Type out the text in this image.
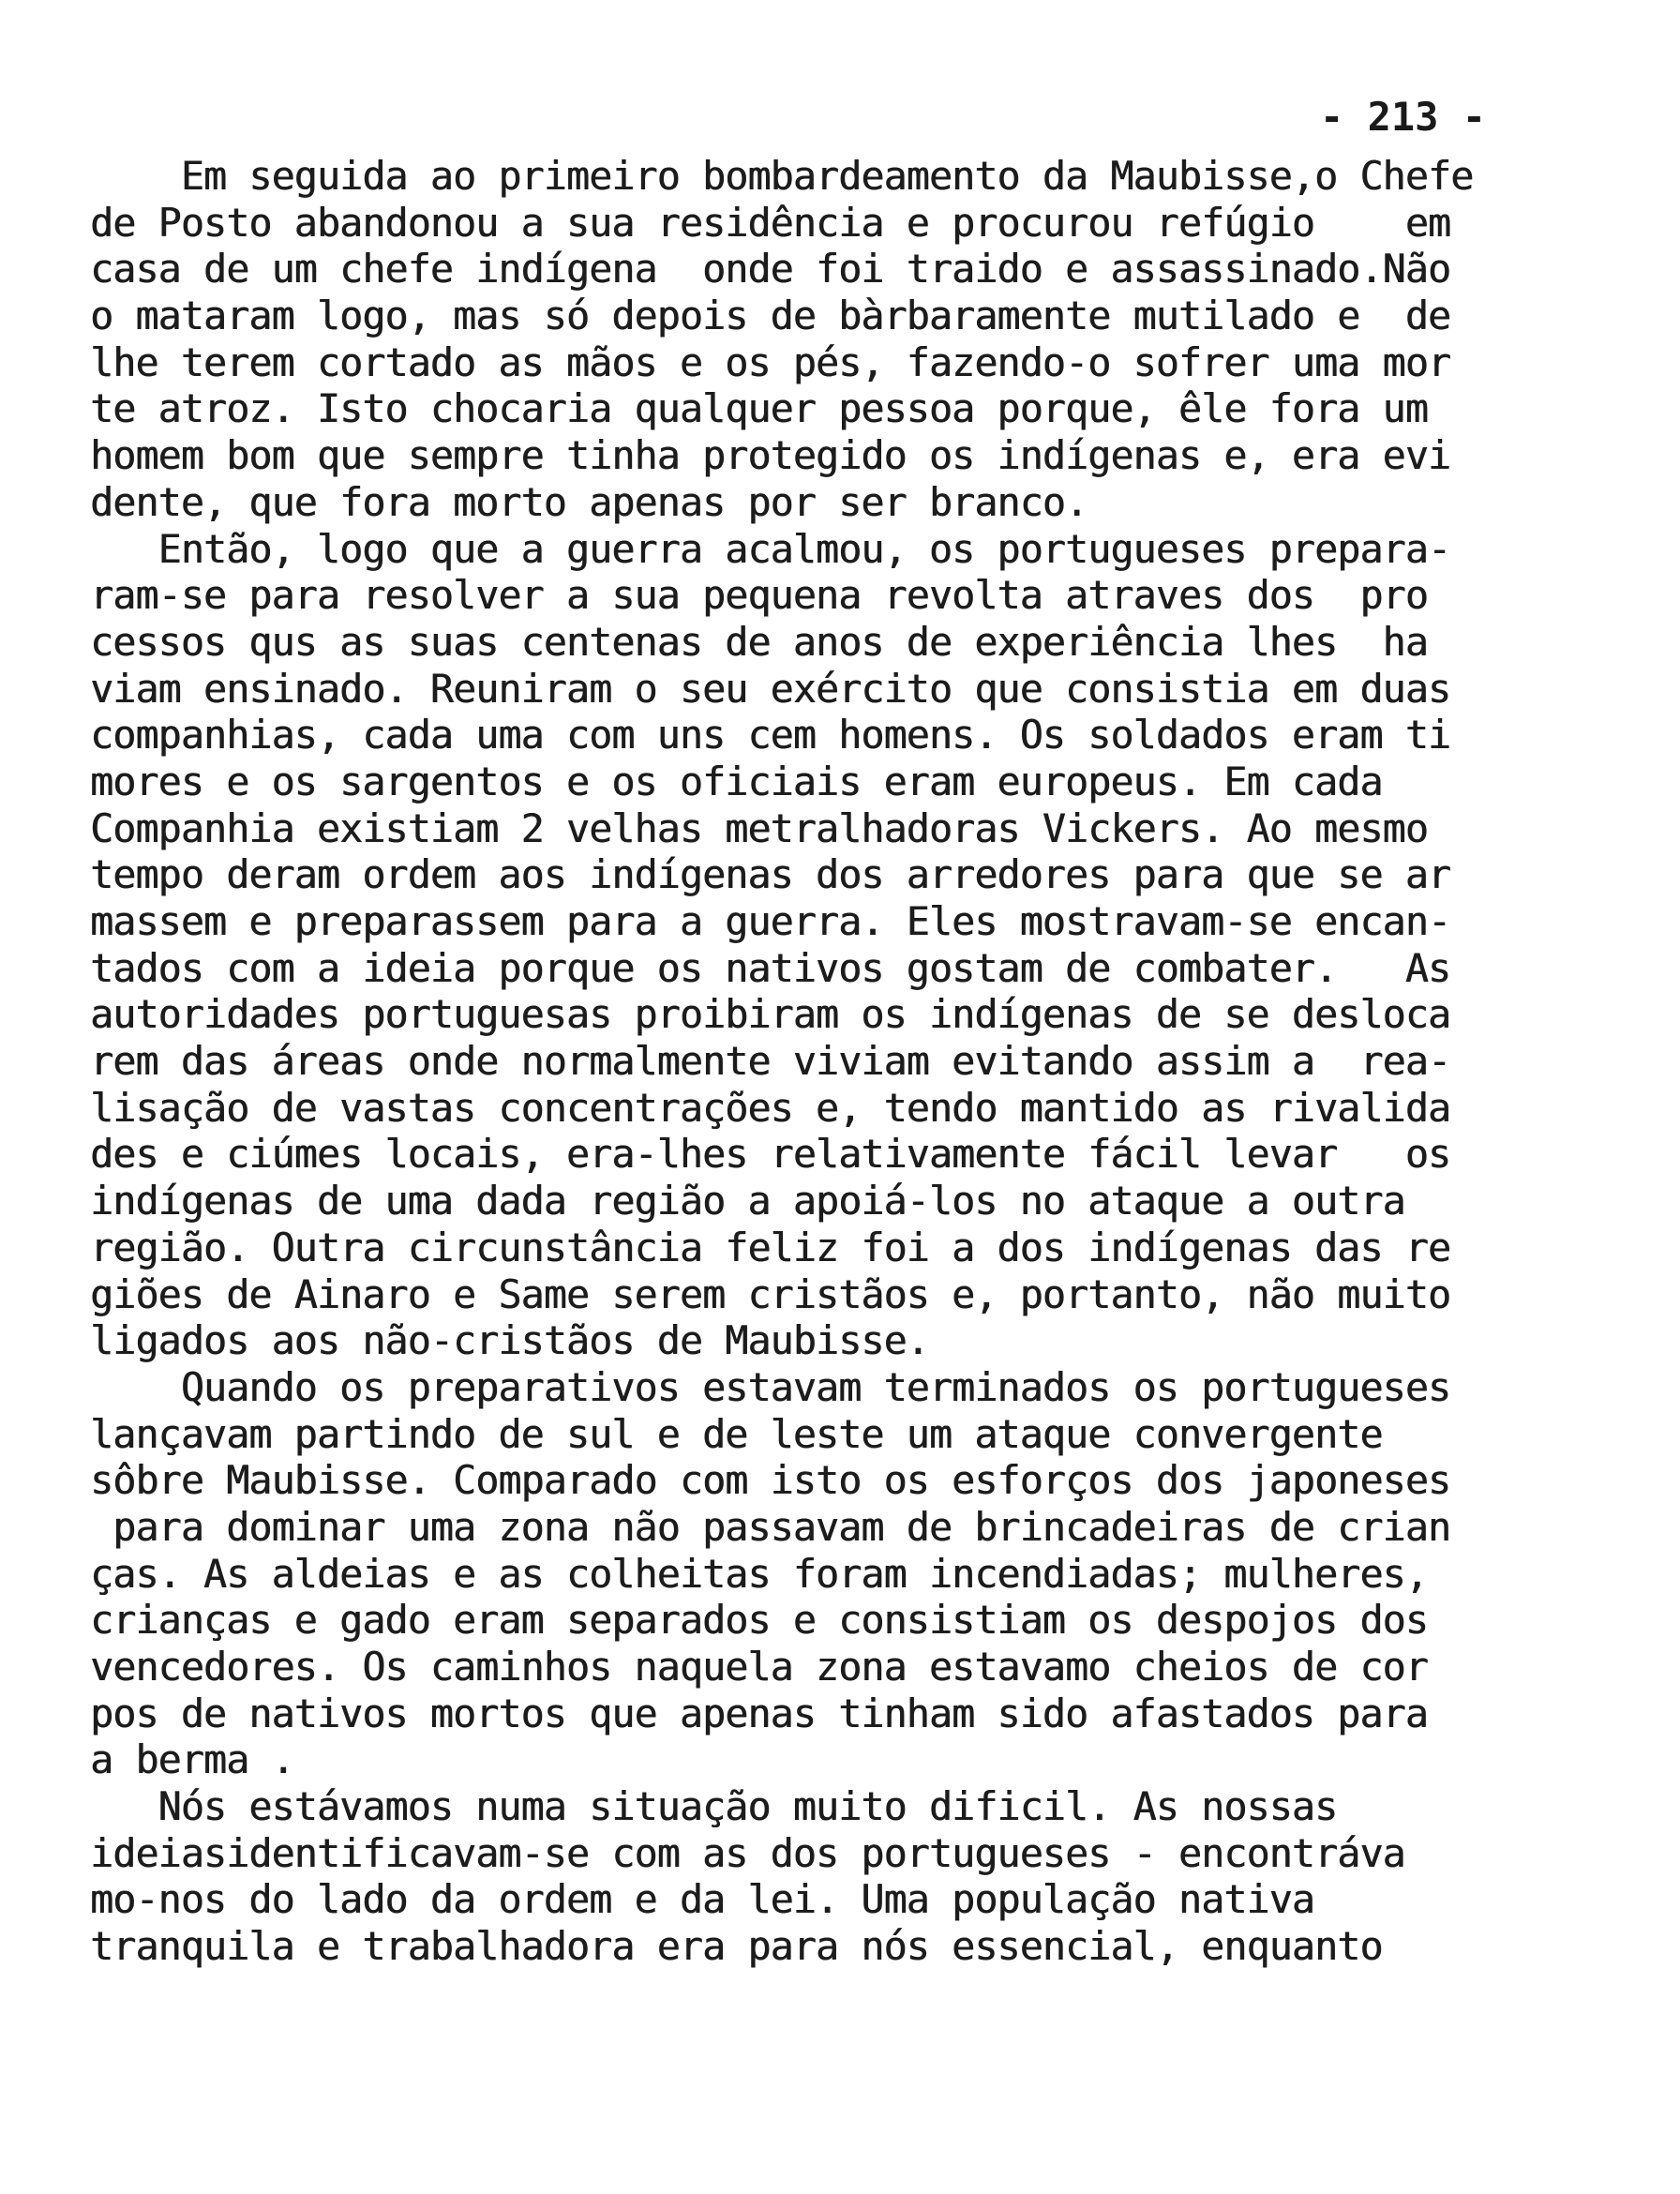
- 213 -
Em seguida ao primeiro bombardeamento da Maubisse,o Chefe
de Posto abandonou a sua residência e procurou refúgio    em
casa de um chefe indígena  onde foi traido e assassinado.Não
o mataram logo, mas só depois de bàrbaramente mutilado e  de
lhe terem cortado as mãos e os pés, fazendo-o sofrer uma mor
te atroz. Isto chocaria qualquer pessoa porque, êle fora um
homem bom que sempre tinha protegido os indígenas e, era evi
dente, que fora morto apenas por ser branco.
Então, logo que a guerra acalmou, os portugueses prepara-
ram-se para resolver a sua pequena revolta atraves dos  pro
cessos qus as suas centenas de anos de experiência lhes  ha
viam ensinado. Reuniram o seu exército que consistia em duas
companhias, cada uma com uns cem homens. Os soldados eram ti
mores e os sargentos e os oficiais eram europeus. Em cada
Companhia existiam 2 velhas metralhadoras Vickers. Ao mesmo
tempo deram ordem aos indígenas dos arredores para que se ar
massem e preparassem para a guerra. Eles mostravam-se encan-
tados com a ideia porque os nativos gostam de combater.   As
autoridades portuguesas proibiram os indígenas de se desloca
rem das áreas onde normalmente viviam evitando assim a  rea-
lisação de vastas concentrações e, tendo mantido as rivalida
des e ciúmes locais, era-lhes relativamente fácil levar   os
indígenas de uma dada região a apoiá-los no ataque a outra
região. Outra circunstância feliz foi a dos indígenas das re
giões de Ainaro e Same serem cristãos e, portanto, não muito
ligados aos não-cristãos de Maubisse.
Quando os preparativos estavam terminados os portugueses
lançavam partindo de sul e de leste um ataque convergente
sôbre Maubisse. Comparado com isto os esforços dos japoneses
para dominar uma zona não passavam de brincadeiras de crian
ças. As aldeias e as colheitas foram incendiadas; mulheres,
crianças e gado eram separados e consistiam os despojos dos
vencedores. Os caminhos naquela zona estavamo cheios de cor
pos de nativos mortos que apenas tinham sido afastados para
a berma .
Nós estávamos numa situação muito dificil. As nossas
ideiasidentificavam-se com as dos portugueses - encontráva
mo-nos do lado da ordem e da lei. Uma população nativa
tranquila e trabalhadora era para nós essencial, enquanto
